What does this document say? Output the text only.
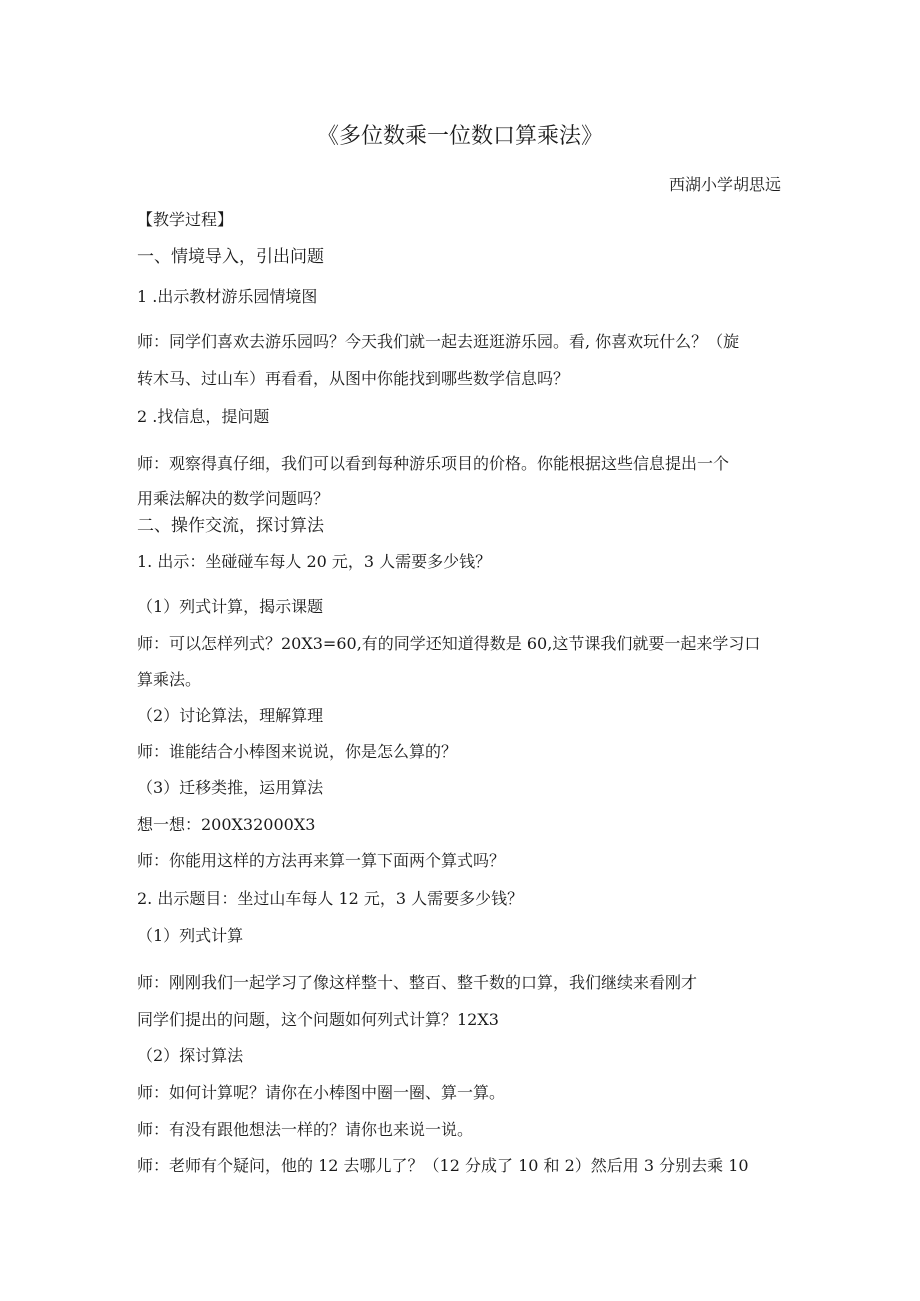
《多位数乘一位数口算乘法》
西湖小学胡思远
【教学过程】
一、情境导入，引出问题
1 .出示教材游乐园情境图
师：同学们喜欢去游乐园吗？今天我们就一起去逛逛游乐园。看, 你喜欢玩什么？（旋
转木马、过山车）再看看，从图中你能找到哪些数学信息吗？
2 .找信息，提问题
师：观察得真仔细，我们可以看到每种游乐项目的价格。你能根据这些信息提出一个
用乘法解决的数学问题吗？
二、操作交流，探讨算法
1. 出示：坐碰碰车每人 20 元，3 人需要多少钱？
（1）列式计算，揭示课题
师：可以怎样列式？20X3=60,有的同学还知道得数是 60,这节课我们就要一起来学习口
算乘法。
（2）讨论算法，理解算理
师：谁能结合小棒图来说说，你是怎么算的？
（3）迁移类推，运用算法
想一想：200X32000X3
师：你能用这样的方法再来算一算下面两个算式吗？
2. 出示题目：坐过山车每人 12 元，3 人需要多少钱？
（1）列式计算
师：刚刚我们一起学习了像这样整十、整百、整千数的口算，我们继续来看刚才
同学们提出的问题，这个问题如何列式计算？12X3
（2）探讨算法
师：如何计算呢？请你在小棒图中圈一圈、算一算。
师：有没有跟他想法一样的？请你也来说一说。
师：老师有个疑问，他的 12 去哪儿了？（12 分成了 10 和 2）然后用 3 分别去乘 10
